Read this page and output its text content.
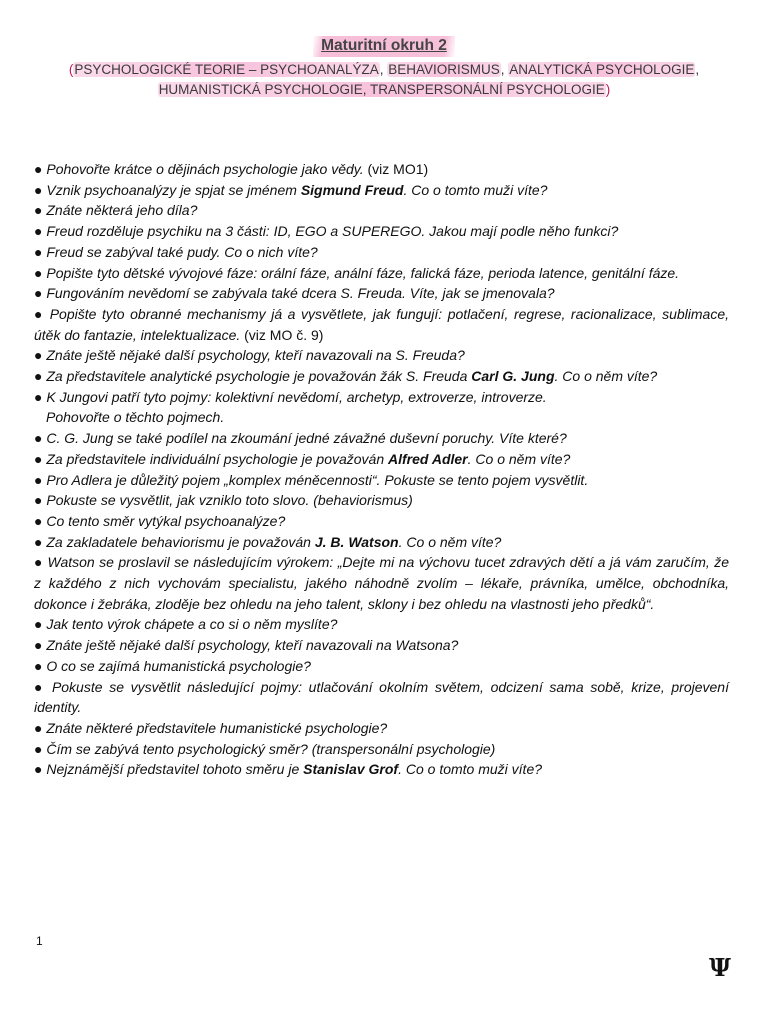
Maturitní okruh 2
(PSYCHOLOGICKÉ TEORIE – PSYCHOANALÝZA, BEHAVIORISMUS, ANALYTICKÁ PSYCHOLOGIE,
HUMANISTICKÁ PSYCHOLOGIE, TRANSPERSONÁLNÍ PSYCHOLOGIE)

● Pohovořte krátce o dějinách psychologie jako vědy. (viz MO1)

● Vznik psychoanalýzy je spjat se jménem Sigmund Freud. Co o tomto muži víte?

● Znáte některá jeho díla?

● Freud rozděluje psychiku na 3 části: ID, EGO a SUPEREGO. Jakou mají podle něho funkci?

● Freud se zabýval také pudy. Co o nich víte?

● Popište tyto dětské vývojové fáze: orální fáze, anální fáze, falická fáze, perioda latence, genitální fáze.

● Fungováním nevědomí se zabývala také dcera S. Freuda. Víte, jak se jmenovala?

● Popište tyto obranné mechanismy já a vysvětlete, jak fungují: potlačení, regrese, racionalizace, sublimace, útěk do fantazie, intelektualizace. (viz MO č. 9)

● Znáte ještě nějaké další psychology, kteří navazovali na S. Freuda?

● Za představitele analytické psychologie je považován žák S. Freuda Carl G. Jung. Co o něm víte?

● K Jungovi patří tyto pojmy: kolektivní nevědomí, archetyp, extroverze, introverze.

Pohovořte o těchto pojmech.

● C. G. Jung se také podílel na zkoumání jedné závažné duševní poruchy. Víte které?

● Za představitele individuální psychologie je považován Alfred Adler. Co o něm víte?

● Pro Adlera je důležitý pojem „komplex méněcennosti“. Pokuste se tento pojem vysvětlit.

● Pokuste se vysvětlit, jak vzniklo toto slovo. (behaviorismus)

● Co tento směr vytýkal psychoanalýze?

● Za zakladatele behaviorismu je považován J. B. Watson. Co o něm víte?

● Watson se proslavil se následujícím výrokem: „Dejte mi na výchovu tucet zdravých dětí a já vám zaručím, že z každého z nich vychovám specialistu, jakého náhodně zvolím – lékaře, právníka, umělce, obchodníka, dokonce i žebráka, zloděje bez ohledu na jeho talent, sklony i bez ohledu na vlastnosti jeho předků“.

● Jak tento výrok chápete a co si o něm myslíte?

● Znáte ještě nějaké další psychology, kteří navazovali na Watsona?

● O co se zajímá humanistická psychologie?

● Pokuste se vysvětlit následující pojmy: utlačování okolním světem, odcizení sama sobě, krize, projevení identity.

● Znáte některé představitele humanistické psychologie?

● Čím se zabývá tento psychologický směr? (transpersonální psychologie)

● Nejznámější představitel tohoto směru je Stanislav Grof. Co o tomto muži víte?

1
Ψ
